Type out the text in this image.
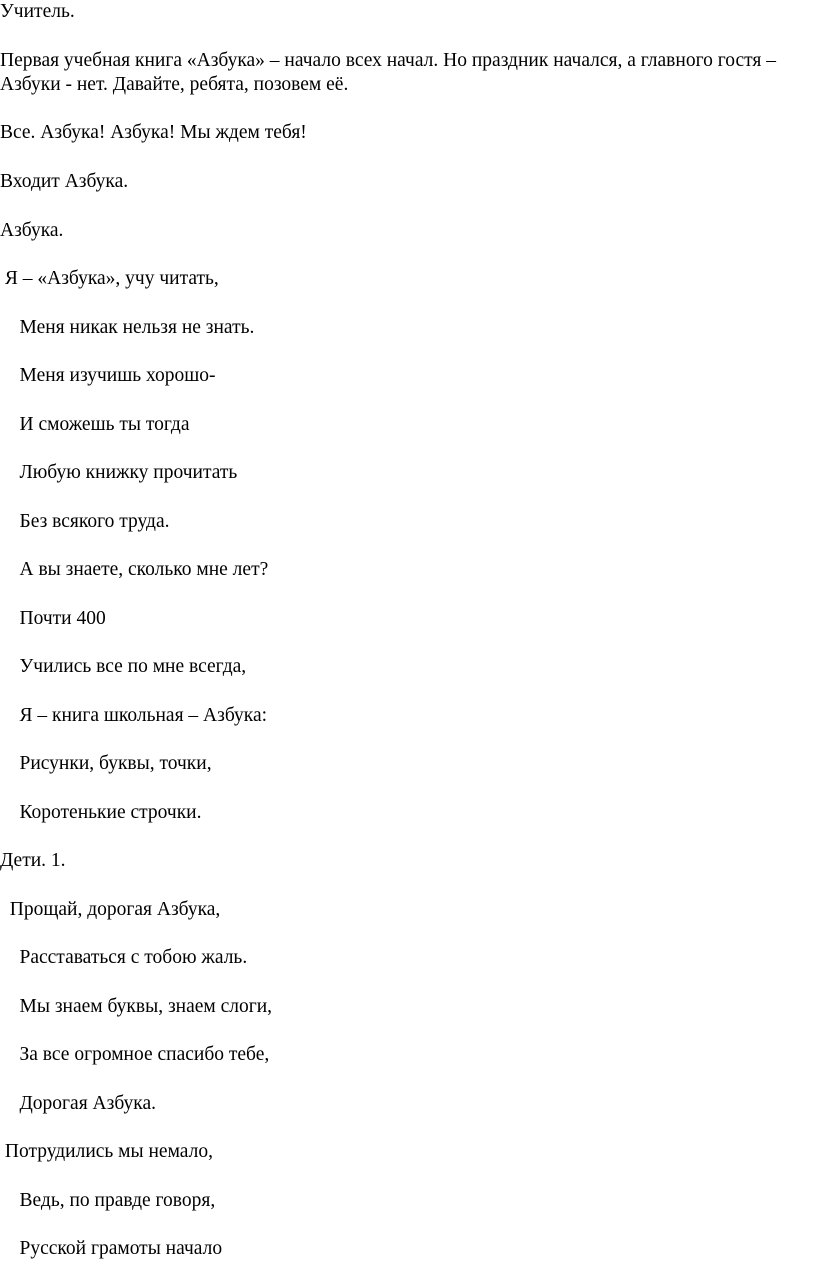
Учитель.

Первая учебная книга «Азбука» – начало всех начал. Но праздник начался, а главного гостя – Азбуки - нет. Давайте, ребята, позовем её.

Все. Азбука! Азбука! Мы ждем тебя!

Входит Азбука.

Азбука.

Я – «Азбука», учу читать,

Меня никак нельзя не знать.

Меня изучишь хорошо-

И сможешь ты тогда

Любую книжку прочитать

Без всякого труда.

А вы знаете, сколько мне лет?

Почти 400

Учились все по мне всегда,

Я – книга школьная – Азбука:

Рисунки, буквы, точки,

Коротенькие строчки.

Дети. 1.

Прощай, дорогая Азбука,

Расставаться с тобою жаль.

Мы знаем буквы, знаем слоги,

За все огромное спасибо тебе,

Дорогая Азбука.

Потрудились мы немало,

Ведь, по правде говоря,

Русской грамоты начало
